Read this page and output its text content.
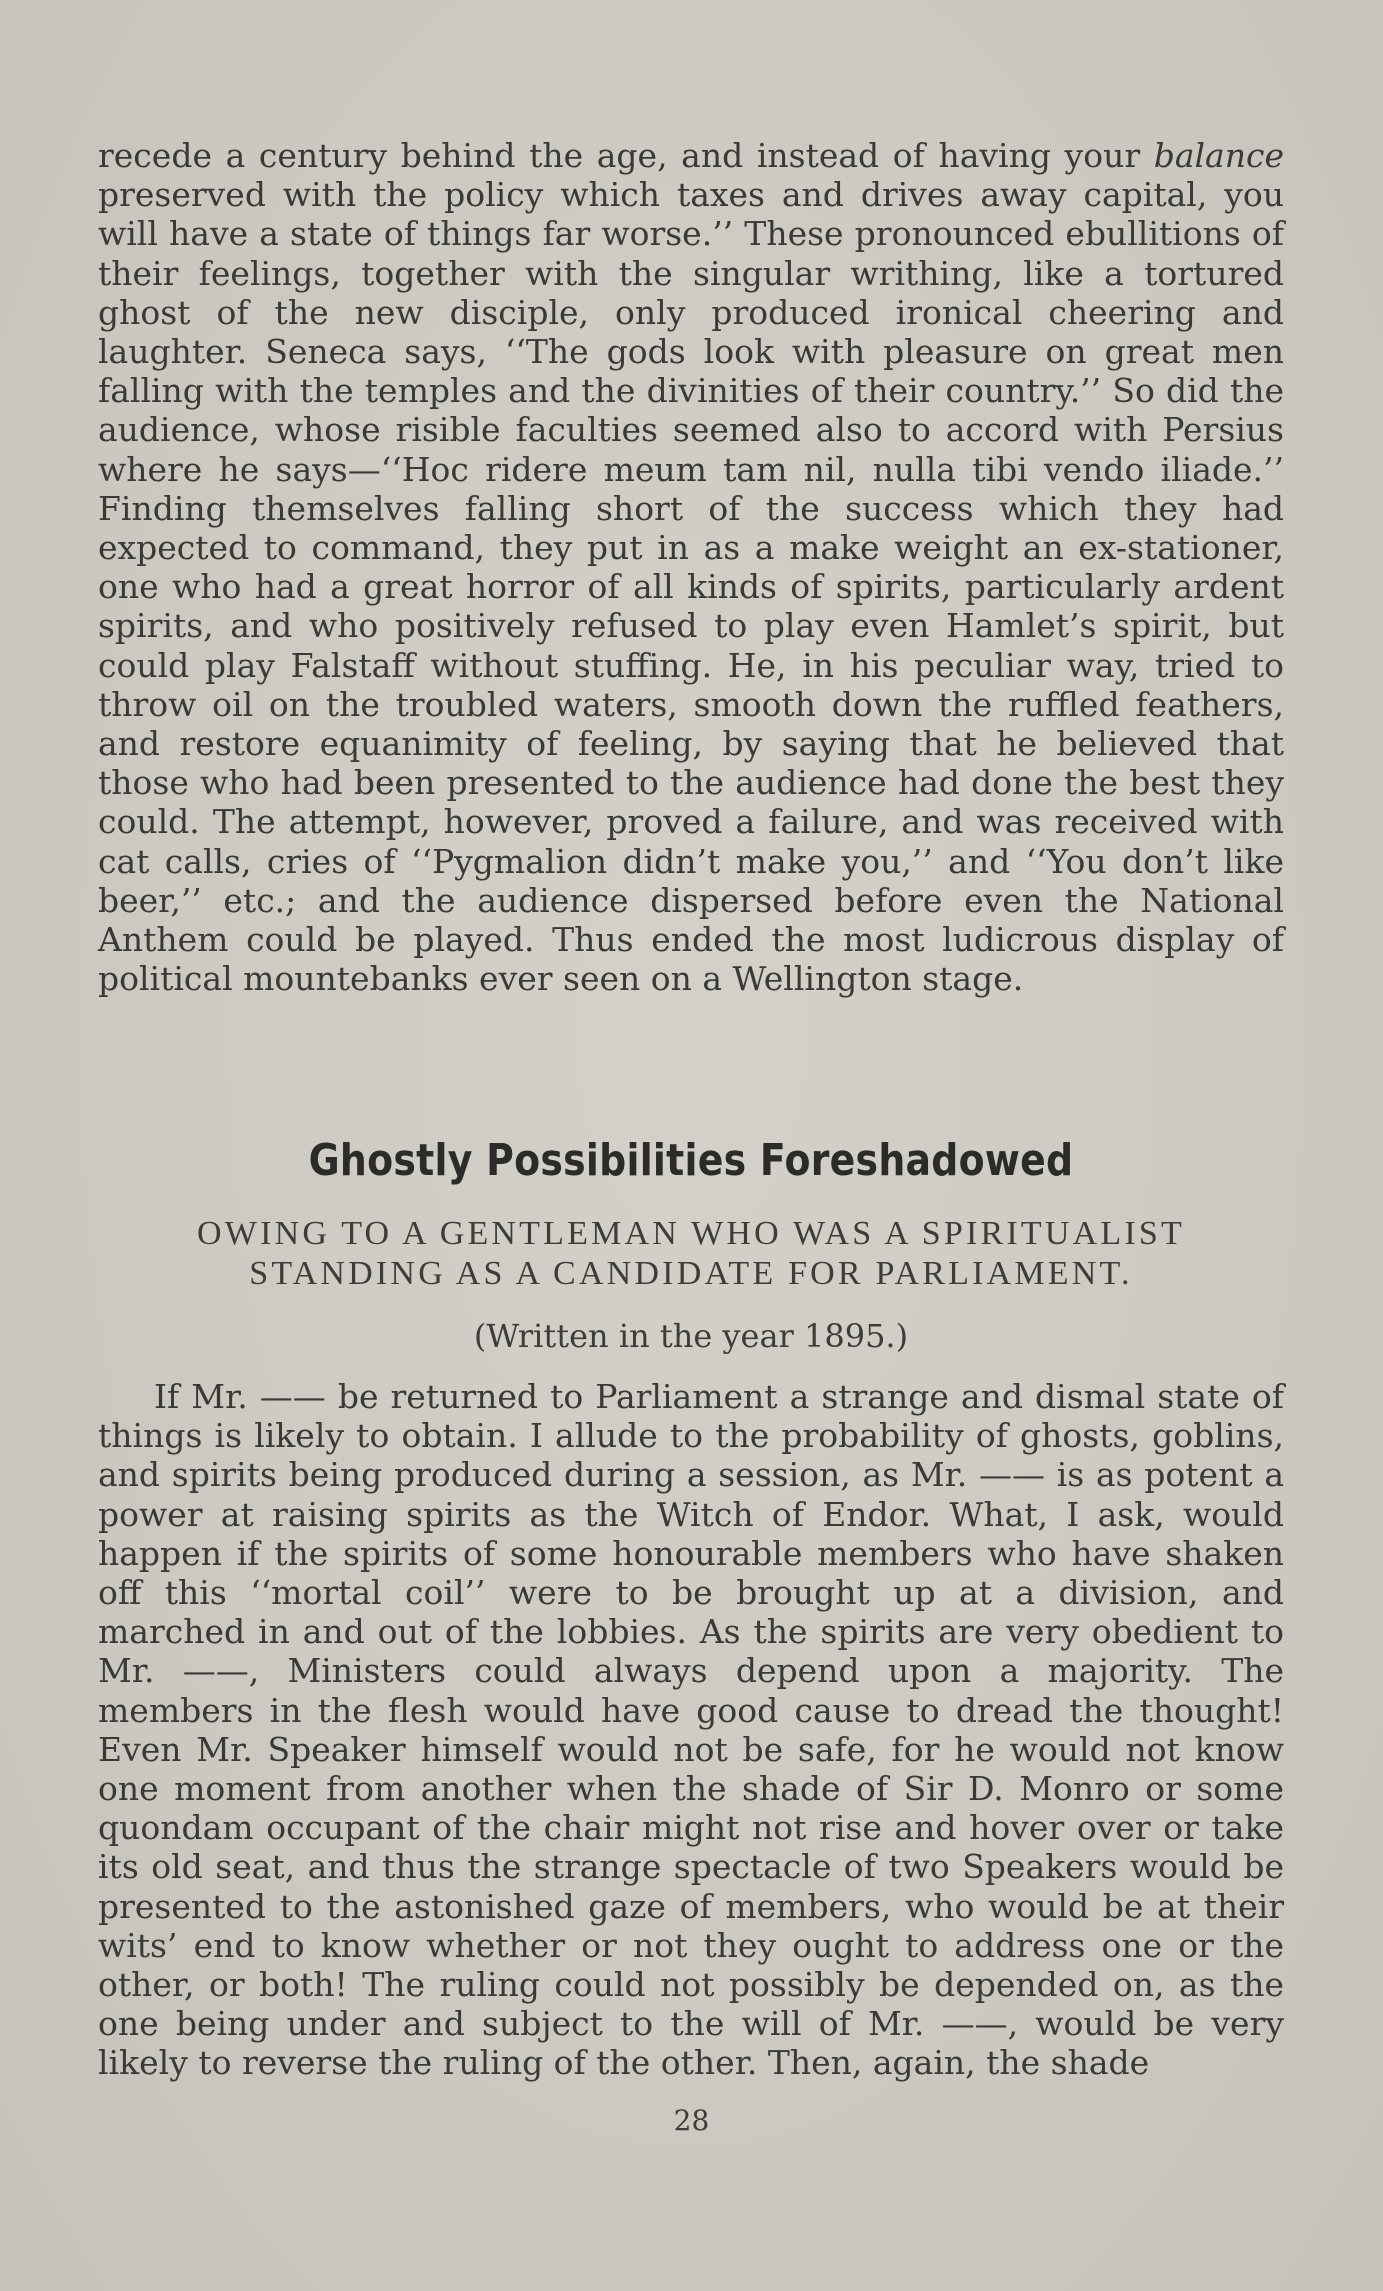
recede a century behind the age, and instead of having your balance preserved with the policy which taxes and drives away capital, you will have a state of things far worse.’’ These pronounced ebullitions of their feelings, together with the singular writhing, like a tortured ghost of the new disciple, only produced ironical cheering and laughter. Seneca says, ‘‘The gods look with pleasure on great men falling with the temples and the divinities of their country.’’ So did the audience, whose risible faculties seemed also to accord with Persius where he says—‘‘Hoc ridere meum tam nil, nulla tibi vendo iliade.’’ Finding themselves falling short of the success which they had expected to command, they put in as a make weight an ex-stationer, one who had a great horror of all kinds of spirits, particularly ardent spirits, and who positively refused to play even Hamlet’s spirit, but could play Falstaff without stuffing. He, in his peculiar way, tried to throw oil on the troubled waters, smooth down the ruffled feathers, and restore equanimity of feeling, by saying that he believed that those who had been presented to the audience had done the best they could. The attempt, however, proved a failure, and was received with cat calls, cries of ‘‘Pygmalion didn’t make you,’’ and ‘‘You don’t like beer,’’ etc.; and the audience dispersed before even the National Anthem could be played. Thus ended the most ludicrous display of political mountebanks ever seen on a Wellington stage.

Ghostly Possibilities Foreshadowed
OWING TO A GENTLEMAN WHO WAS A SPIRITUALIST
STANDING AS A CANDIDATE FOR PARLIAMENT.
(Written in the year 1895.)

If Mr. —— be returned to Parliament a strange and dismal state of things is likely to obtain. I allude to the probability of ghosts, goblins, and spirits being produced during a session, as Mr. —— is as potent a power at raising spirits as the Witch of Endor. What, I ask, would happen if the spirits of some honourable members who have shaken off this ‘‘mortal coil’’ were to be brought up at a division, and marched in and out of the lobbies. As the spirits are very obedient to Mr. ——, Ministers could always depend upon a majority. The members in the flesh would have good cause to dread the thought! Even Mr. Speaker himself would not be safe, for he would not know one moment from another when the shade of Sir D. Monro or some quondam occupant of the chair might not rise and hover over or take its old seat, and thus the strange spectacle of two Speakers would be presented to the astonished gaze of members, who would be at their wits’ end to know whether or not they ought to address one or the other, or both! The ruling could not possibly be depended on, as the one being under and subject to the will of Mr. ——, would be very likely to reverse the ruling of the other. Then, again, the shade

28
